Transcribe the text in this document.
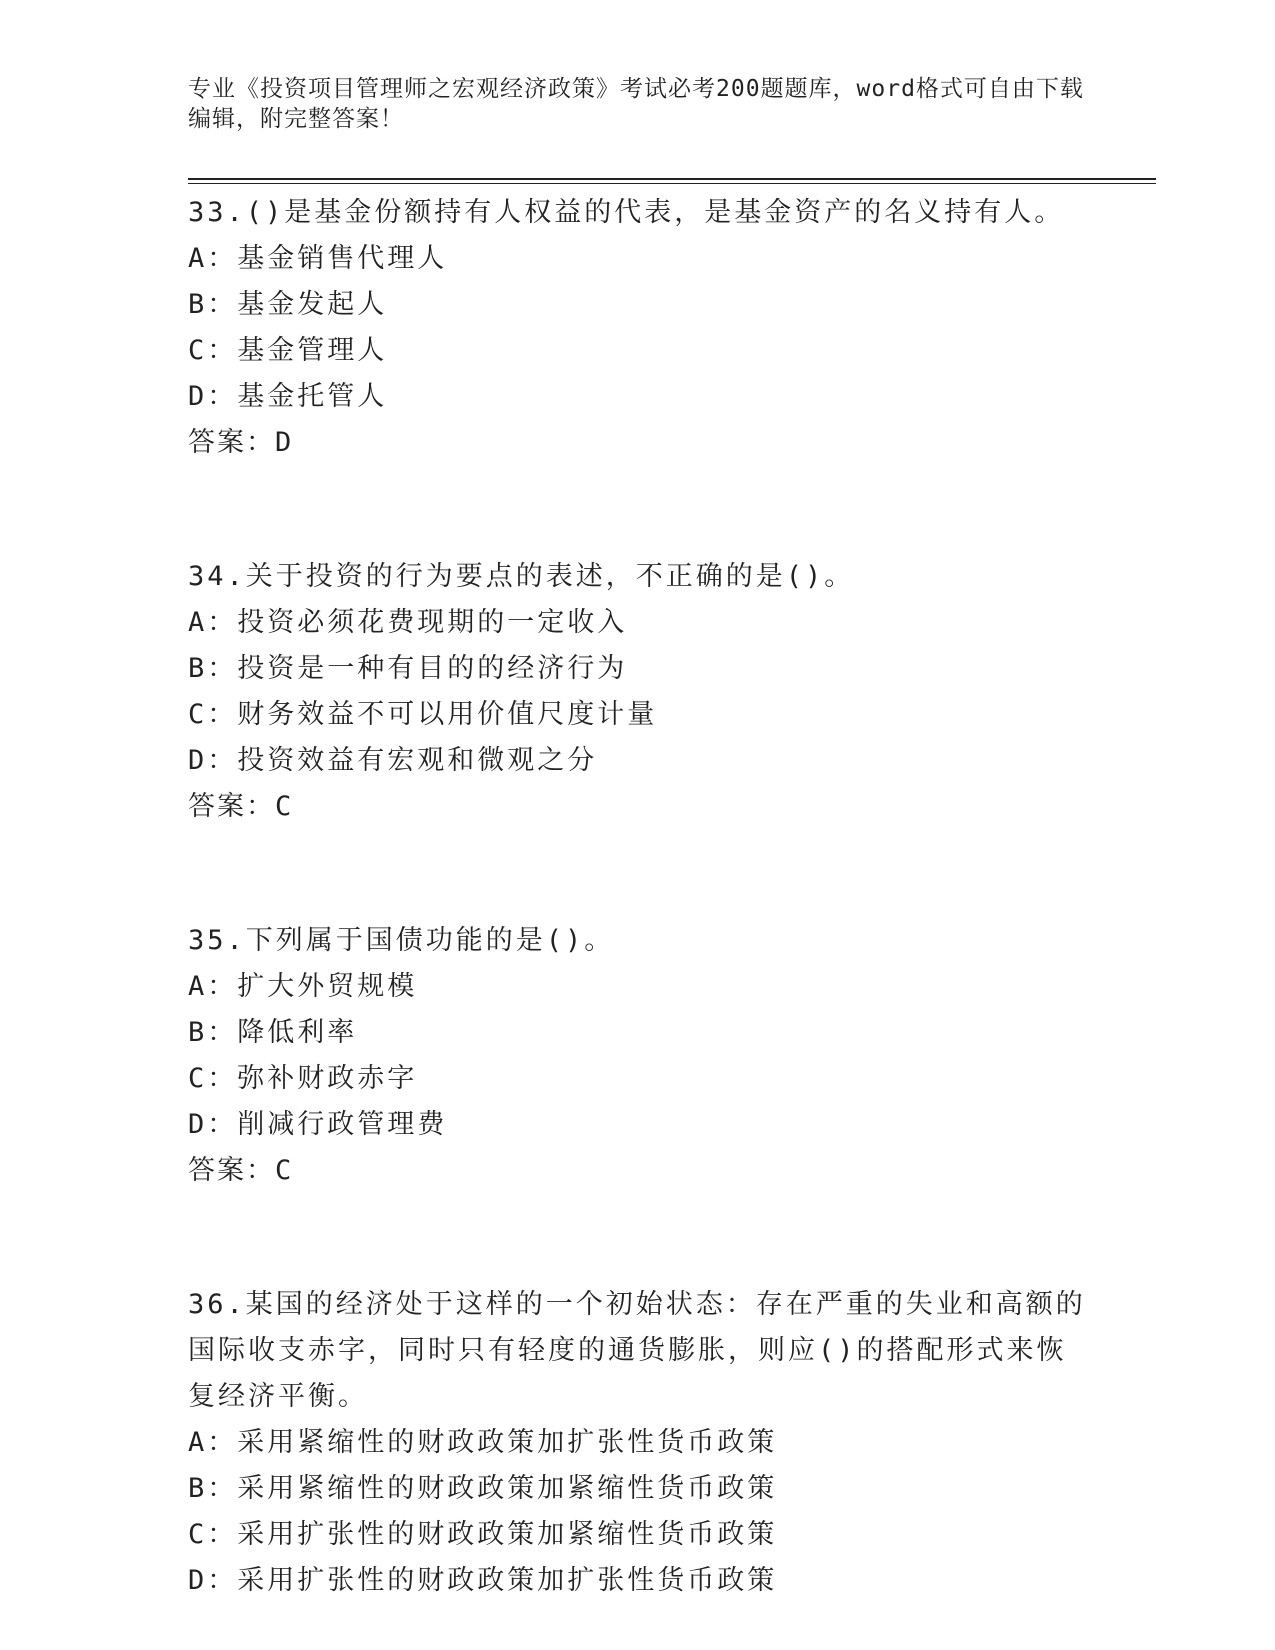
专业《投资项目管理师之宏观经济政策》考试必考200题题库，word格式可自由下载编辑，附完整答案！

33.()是基金份额持有人权益的代表，是基金资产的名义持有人。

A：基金销售代理人

B：基金发起人

C：基金管理人

D：基金托管人

答案：D

34.关于投资的行为要点的表述，不正确的是()。

A：投资必须花费现期的一定收入

B：投资是一种有目的的经济行为

C：财务效益不可以用价值尺度计量

D：投资效益有宏观和微观之分

答案：C

35.下列属于国债功能的是()。

A：扩大外贸规模

B：降低利率

C：弥补财政赤字

D：削减行政管理费

答案：C

36.某国的经济处于这样的一个初始状态：存在严重的失业和高额的国际收支赤字，同时只有轻度的通货膨胀，则应()的搭配形式来恢复经济平衡。

A：采用紧缩性的财政政策加扩张性货币政策

B：采用紧缩性的财政政策加紧缩性货币政策

C：采用扩张性的财政政策加紧缩性货币政策

D：采用扩张性的财政政策加扩张性货币政策
